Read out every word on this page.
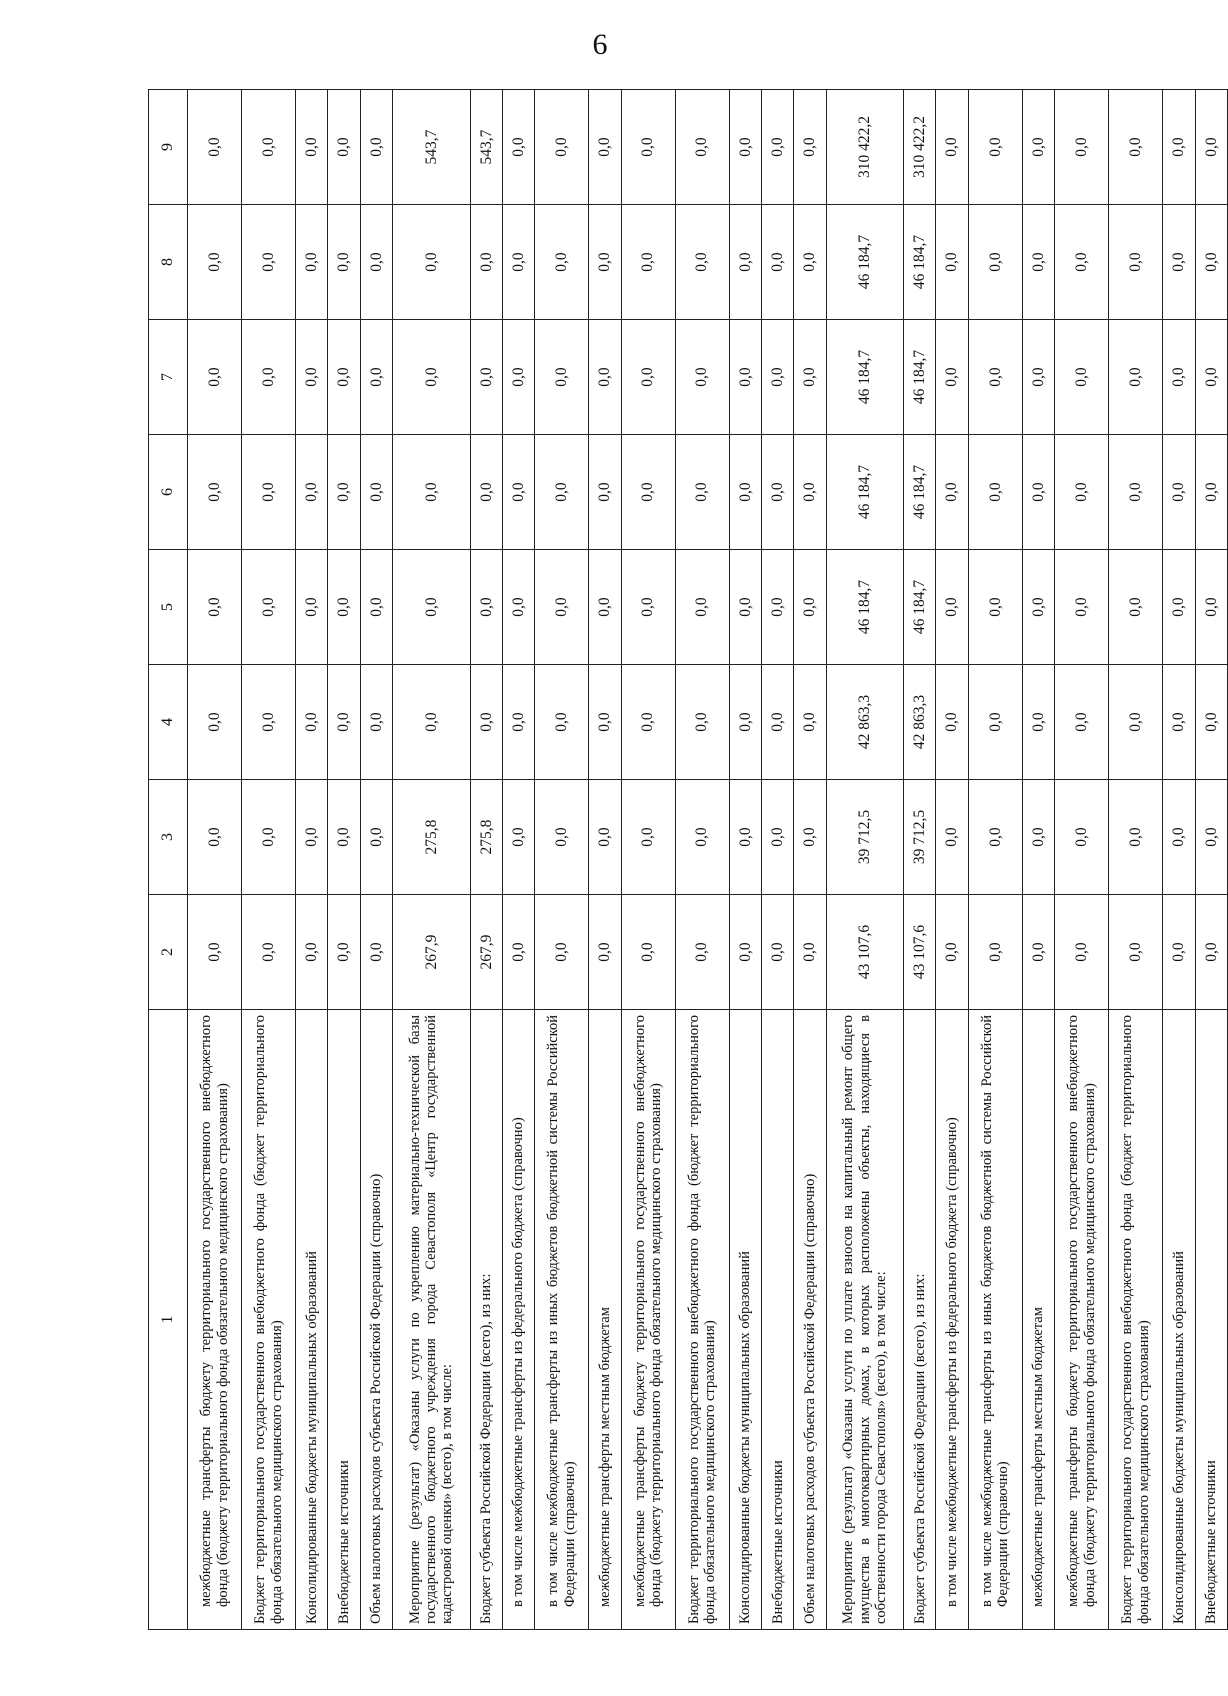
6
1	2	3	4	5	6	7	8	9
межбюджетные трансферты бюджету территориального государственного внебюджетного фонда (бюджету территориального фонда обязательного медицинского страхования)	0,0	0,0	0,0	0,0	0,0	0,0	0,0	0,0
Бюджет территориального государственного внебюджетного фонда (бюджет территориального фонда обязательного медицинского страхования)	0,0	0,0	0,0	0,0	0,0	0,0	0,0	0,0
Консолидированные бюджеты муниципальных образований	0,0	0,0	0,0	0,0	0,0	0,0	0,0	0,0
Внебюджетные источники	0,0	0,0	0,0	0,0	0,0	0,0	0,0	0,0
Объем налоговых расходов субъекта Российской Федерации (справочно)	0,0	0,0	0,0	0,0	0,0	0,0	0,0	0,0
Мероприятие (результат) «Оказаны услуги по укреплению материально-технической базы государственного бюджетного учреждения города Севастополя «Центр государственной кадастровой оценки» (всего), в том числе:	267,9	275,8	0,0	0,0	0,0	0,0	0,0	543,7
Бюджет субъекта Российской Федерации (всего), из них:	267,9	275,8	0,0	0,0	0,0	0,0	0,0	543,7
в том числе межбюджетные трансферты из федерального бюджета (справочно)	0,0	0,0	0,0	0,0	0,0	0,0	0,0	0,0
в том числе межбюджетные трансферты из иных бюджетов бюджетной системы Российской Федерации (справочно)	0,0	0,0	0,0	0,0	0,0	0,0	0,0	0,0
межбюджетные трансферты местным бюджетам	0,0	0,0	0,0	0,0	0,0	0,0	0,0	0,0
межбюджетные трансферты бюджету территориального государственного внебюджетного фонда (бюджету территориального фонда обязательного медицинского страхования)	0,0	0,0	0,0	0,0	0,0	0,0	0,0	0,0
Бюджет территориального государственного внебюджетного фонда (бюджет территориального фонда обязательного медицинского страхования)	0,0	0,0	0,0	0,0	0,0	0,0	0,0	0,0
Консолидированные бюджеты муниципальных образований	0,0	0,0	0,0	0,0	0,0	0,0	0,0	0,0
Внебюджетные источники	0,0	0,0	0,0	0,0	0,0	0,0	0,0	0,0
Объем налоговых расходов субъекта Российской Федерации (справочно)	0,0	0,0	0,0	0,0	0,0	0,0	0,0	0,0
Мероприятие (результат) «Оказаны услуги по уплате взносов на капитальный ремонт общего имущества в многоквартирных домах, в которых расположены объекты, находящиеся в собственности города Севастополя» (всего), в том числе:	43 107,6	39 712,5	42 863,3	46 184,7	46 184,7	46 184,7	46 184,7	310 422,2
Бюджет субъекта Российской Федерации (всего), из них:	43 107,6	39 712,5	42 863,3	46 184,7	46 184,7	46 184,7	46 184,7	310 422,2
в том числе межбюджетные трансферты из федерального бюджета (справочно)	0,0	0,0	0,0	0,0	0,0	0,0	0,0	0,0
в том числе межбюджетные трансферты из иных бюджетов бюджетной системы Российской Федерации (справочно)	0,0	0,0	0,0	0,0	0,0	0,0	0,0	0,0
межбюджетные трансферты местным бюджетам	0,0	0,0	0,0	0,0	0,0	0,0	0,0	0,0
межбюджетные трансферты бюджету территориального государственного внебюджетного фонда (бюджету территориального фонда обязательного медицинского страхования)	0,0	0,0	0,0	0,0	0,0	0,0	0,0	0,0
Бюджет территориального государственного внебюджетного фонда (бюджет территориального фонда обязательного медицинского страхования)	0,0	0,0	0,0	0,0	0,0	0,0	0,0	0,0
Консолидированные бюджеты муниципальных образований	0,0	0,0	0,0	0,0	0,0	0,0	0,0	0,0
Внебюджетные источники	0,0	0,0	0,0	0,0	0,0	0,0	0,0	0,0
